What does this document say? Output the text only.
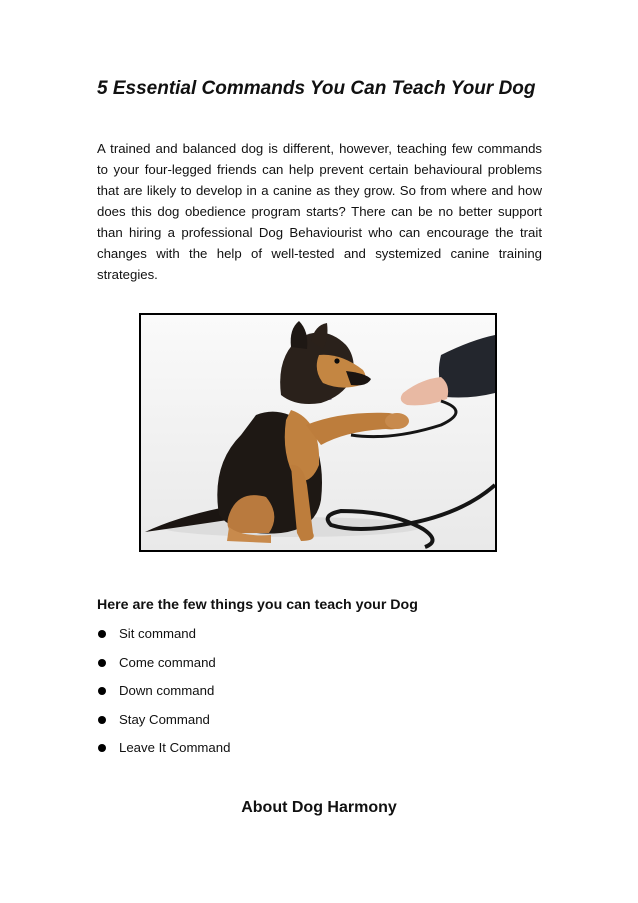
5 Essential Commands You Can Teach Your Dog

A trained and balanced dog is different, however, teaching few commands to your four-legged friends can help prevent certain behavioural problems that are likely to develop in a canine as they grow. So from where and how does this dog obedience program starts? There can be no better support than hiring a professional Dog Behaviourist who can encourage the trait changes with the help of well-tested and systemized canine training strategies.

Here are the few things you can teach your Dog
Sit command
Come command
Down command
Stay Command
Leave It Command
About Dog Harmony
